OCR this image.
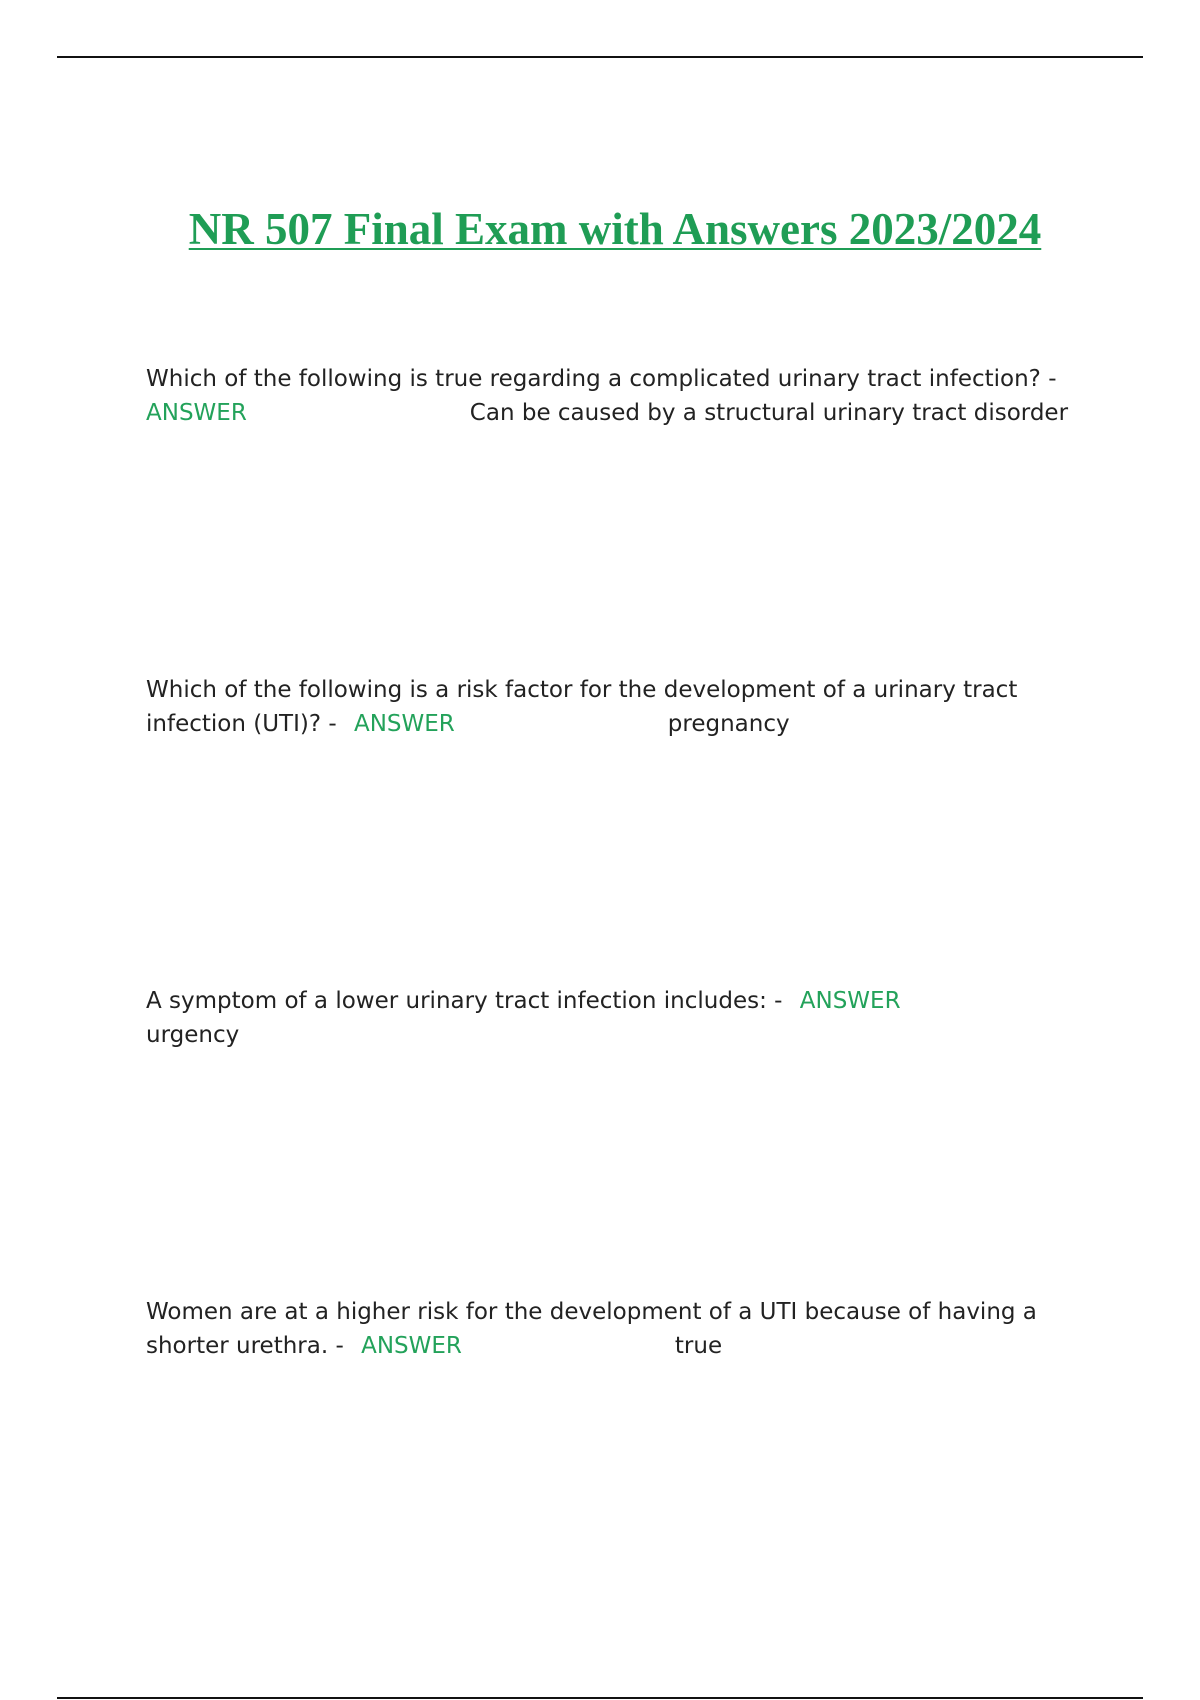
NR 507 Final Exam with Answers 2023/2024
Which of the following is true regarding a complicated urinary tract infection? -
ANSWER	Can be caused by a structural urinary tract disorder
Which of the following is a risk factor for the development of a urinary tract infection (UTI)? - ANSWER	pregnancy
A symptom of a lower urinary tract infection includes: - ANSWER
urgency
Women are at a higher risk for the development of a UTI because of having a shorter urethra. - ANSWER	true
